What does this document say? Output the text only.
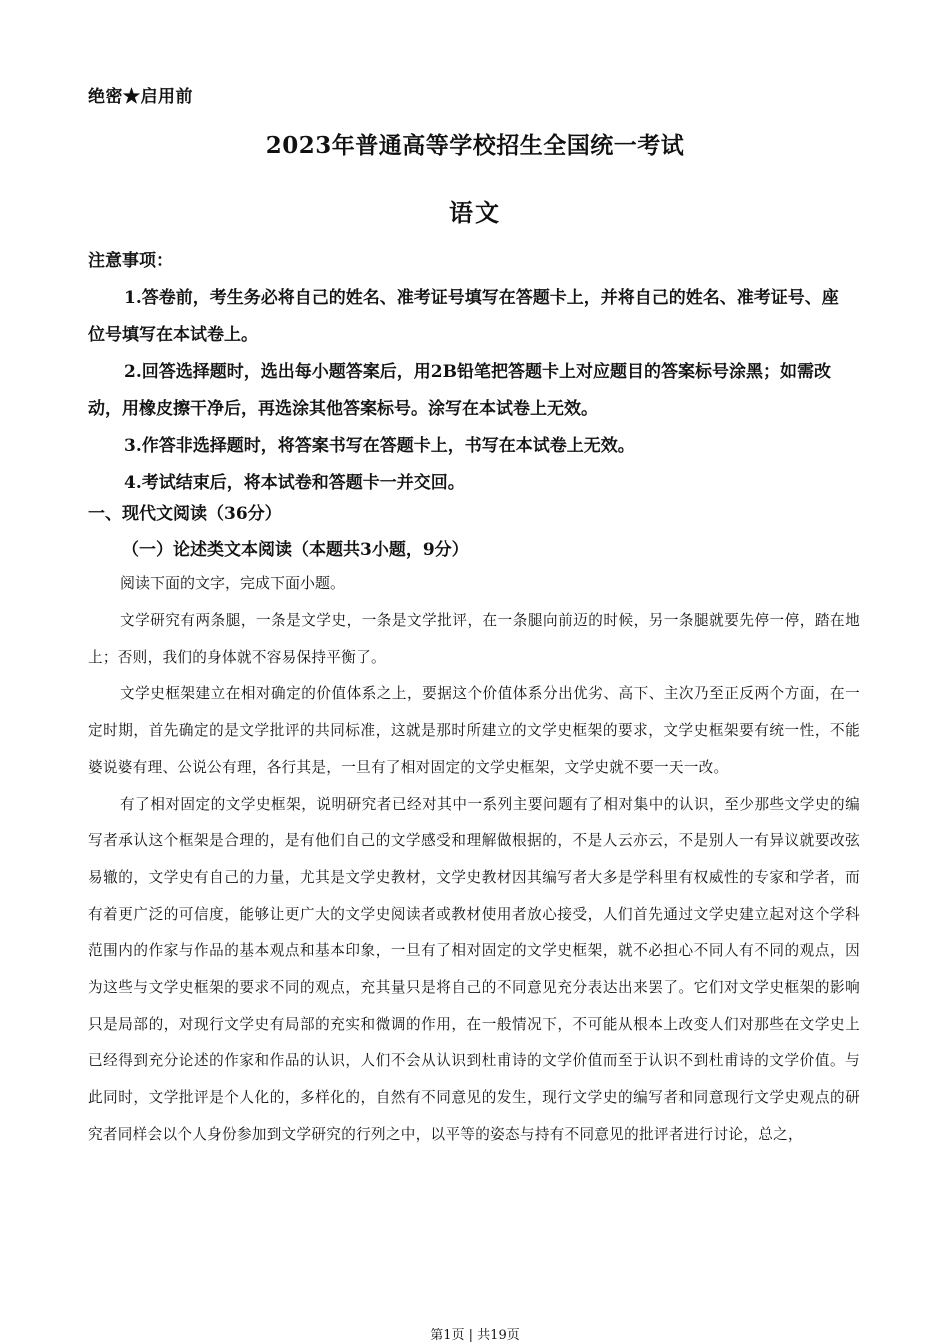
绝密★启用前
2023年普通高等学校招生全国统一考试
语文
注意事项：

1.答卷前，考生务必将自己的姓名、准考证号填写在答题卡上，并将自己的姓名、准考证号、座位号填写在本试卷上。

2.回答选择题时，选出每小题答案后，用2B铅笔把答题卡上对应题目的答案标号涂黑；如需改动，用橡皮擦干净后，再选涂其他答案标号。涂写在本试卷上无效。

3.作答非选择题时，将答案书写在答题卡上，书写在本试卷上无效。

4.考试结束后，将本试卷和答题卡一并交回。

一、现代文阅读（36分）
（一）论述类文本阅读（本题共3小题，9分）
阅读下面的文字，完成下面小题。

文学研究有两条腿，一条是文学史，一条是文学批评，在一条腿向前迈的时候，另一条腿就要先停一停，踏在地上；否则，我们的身体就不容易保持平衡了。

文学史框架建立在相对确定的价值体系之上，要据这个价值体系分出优劣、高下、主次乃至正反两个方面，在一定时期，首先确定的是文学批评的共同标准，这就是那时所建立的文学史框架的要求，文学史框架要有统一性，不能婆说婆有理、公说公有理，各行其是，一旦有了相对固定的文学史框架，文学史就不要一天一改。

有了相对固定的文学史框架，说明研究者已经对其中一系列主要问题有了相对集中的认识，至少那些文学史的编写者承认这个框架是合理的，是有他们自己的文学感受和理解做根据的，不是人云亦云，不是别人一有异议就要改弦易辙的，文学史有自己的力量，尤其是文学史教材，文学史教材因其编写者大多是学科里有权威性的专家和学者，而有着更广泛的可信度，能够让更广大的文学史阅读者或教材使用者放心接受，人们首先通过文学史建立起对这个学科范围内的作家与作品的基本观点和基本印象，一旦有了相对固定的文学史框架，就不必担心不同人有不同的观点，因为这些与文学史框架的要求不同的观点，充其量只是将自己的不同意见充分表达出来罢了。它们对文学史框架的影响只是局部的，对现行文学史有局部的充实和微调的作用，在一般情况下，不可能从根本上改变人们对那些在文学史上已经得到充分论述的作家和作品的认识，人们不会从认识到杜甫诗的文学价值而至于认识不到杜甫诗的文学价值。与此同时，文学批评是个人化的，多样化的，自然有不同意见的发生，现行文学史的编写者和同意现行文学史观点的研究者同样会以个人身份参加到文学研究的行列之中，以平等的姿态与持有不同意见的批评者进行讨论，总之，

第1页 | 共19页
